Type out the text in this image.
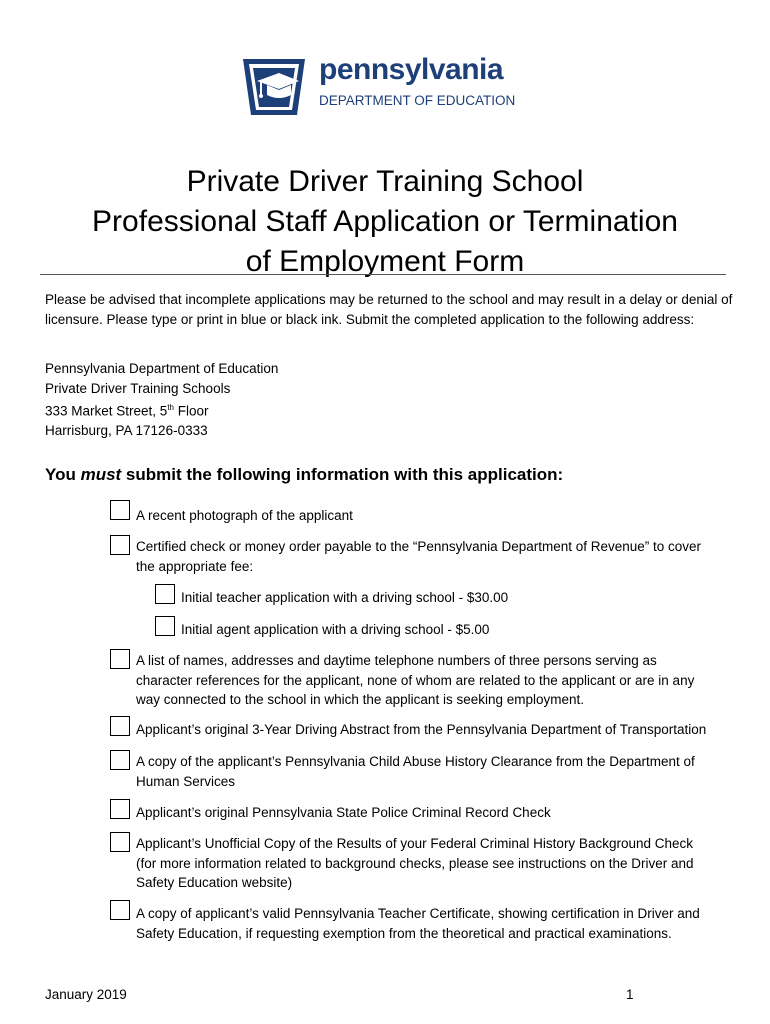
pennsylvania
DEPARTMENT OF EDUCATION
Private Driver Training School
Professional Staff Application or Termination
of Employment Form

Please be advised that incomplete applications may be returned to the school and may result in a delay or denial of licensure. Please type or print in blue or black ink. Submit the completed application to the following address:

Pennsylvania Department of Education
Private Driver Training Schools
333 Market Street, 5th Floor
Harrisburg, PA 17126-0333
You must submit the following information with this application:
A recent photograph of the applicant
Certified check or money order payable to the “Pennsylvania Department of Revenue” to cover
the appropriate fee:
Initial teacher application with a driving school - $30.00
Initial agent application with a driving school - $5.00
A list of names, addresses and daytime telephone numbers of three persons serving as
character references for the applicant, none of whom are related to the applicant or are in any
way connected to the school in which the applicant is seeking employment.
Applicant’s original 3-Year Driving Abstract from the Pennsylvania Department of Transportation
A copy of the applicant’s Pennsylvania Child Abuse History Clearance from the Department of
Human Services
Applicant’s original Pennsylvania State Police Criminal Record Check
Applicant’s Unofficial Copy of the Results of your Federal Criminal History Background Check
(for more information related to background checks, please see instructions on the Driver and
Safety Education website)
A copy of applicant’s valid Pennsylvania Teacher Certificate, showing certification in Driver and
Safety Education, if requesting exemption from the theoretical and practical examinations.
January 2019	1
